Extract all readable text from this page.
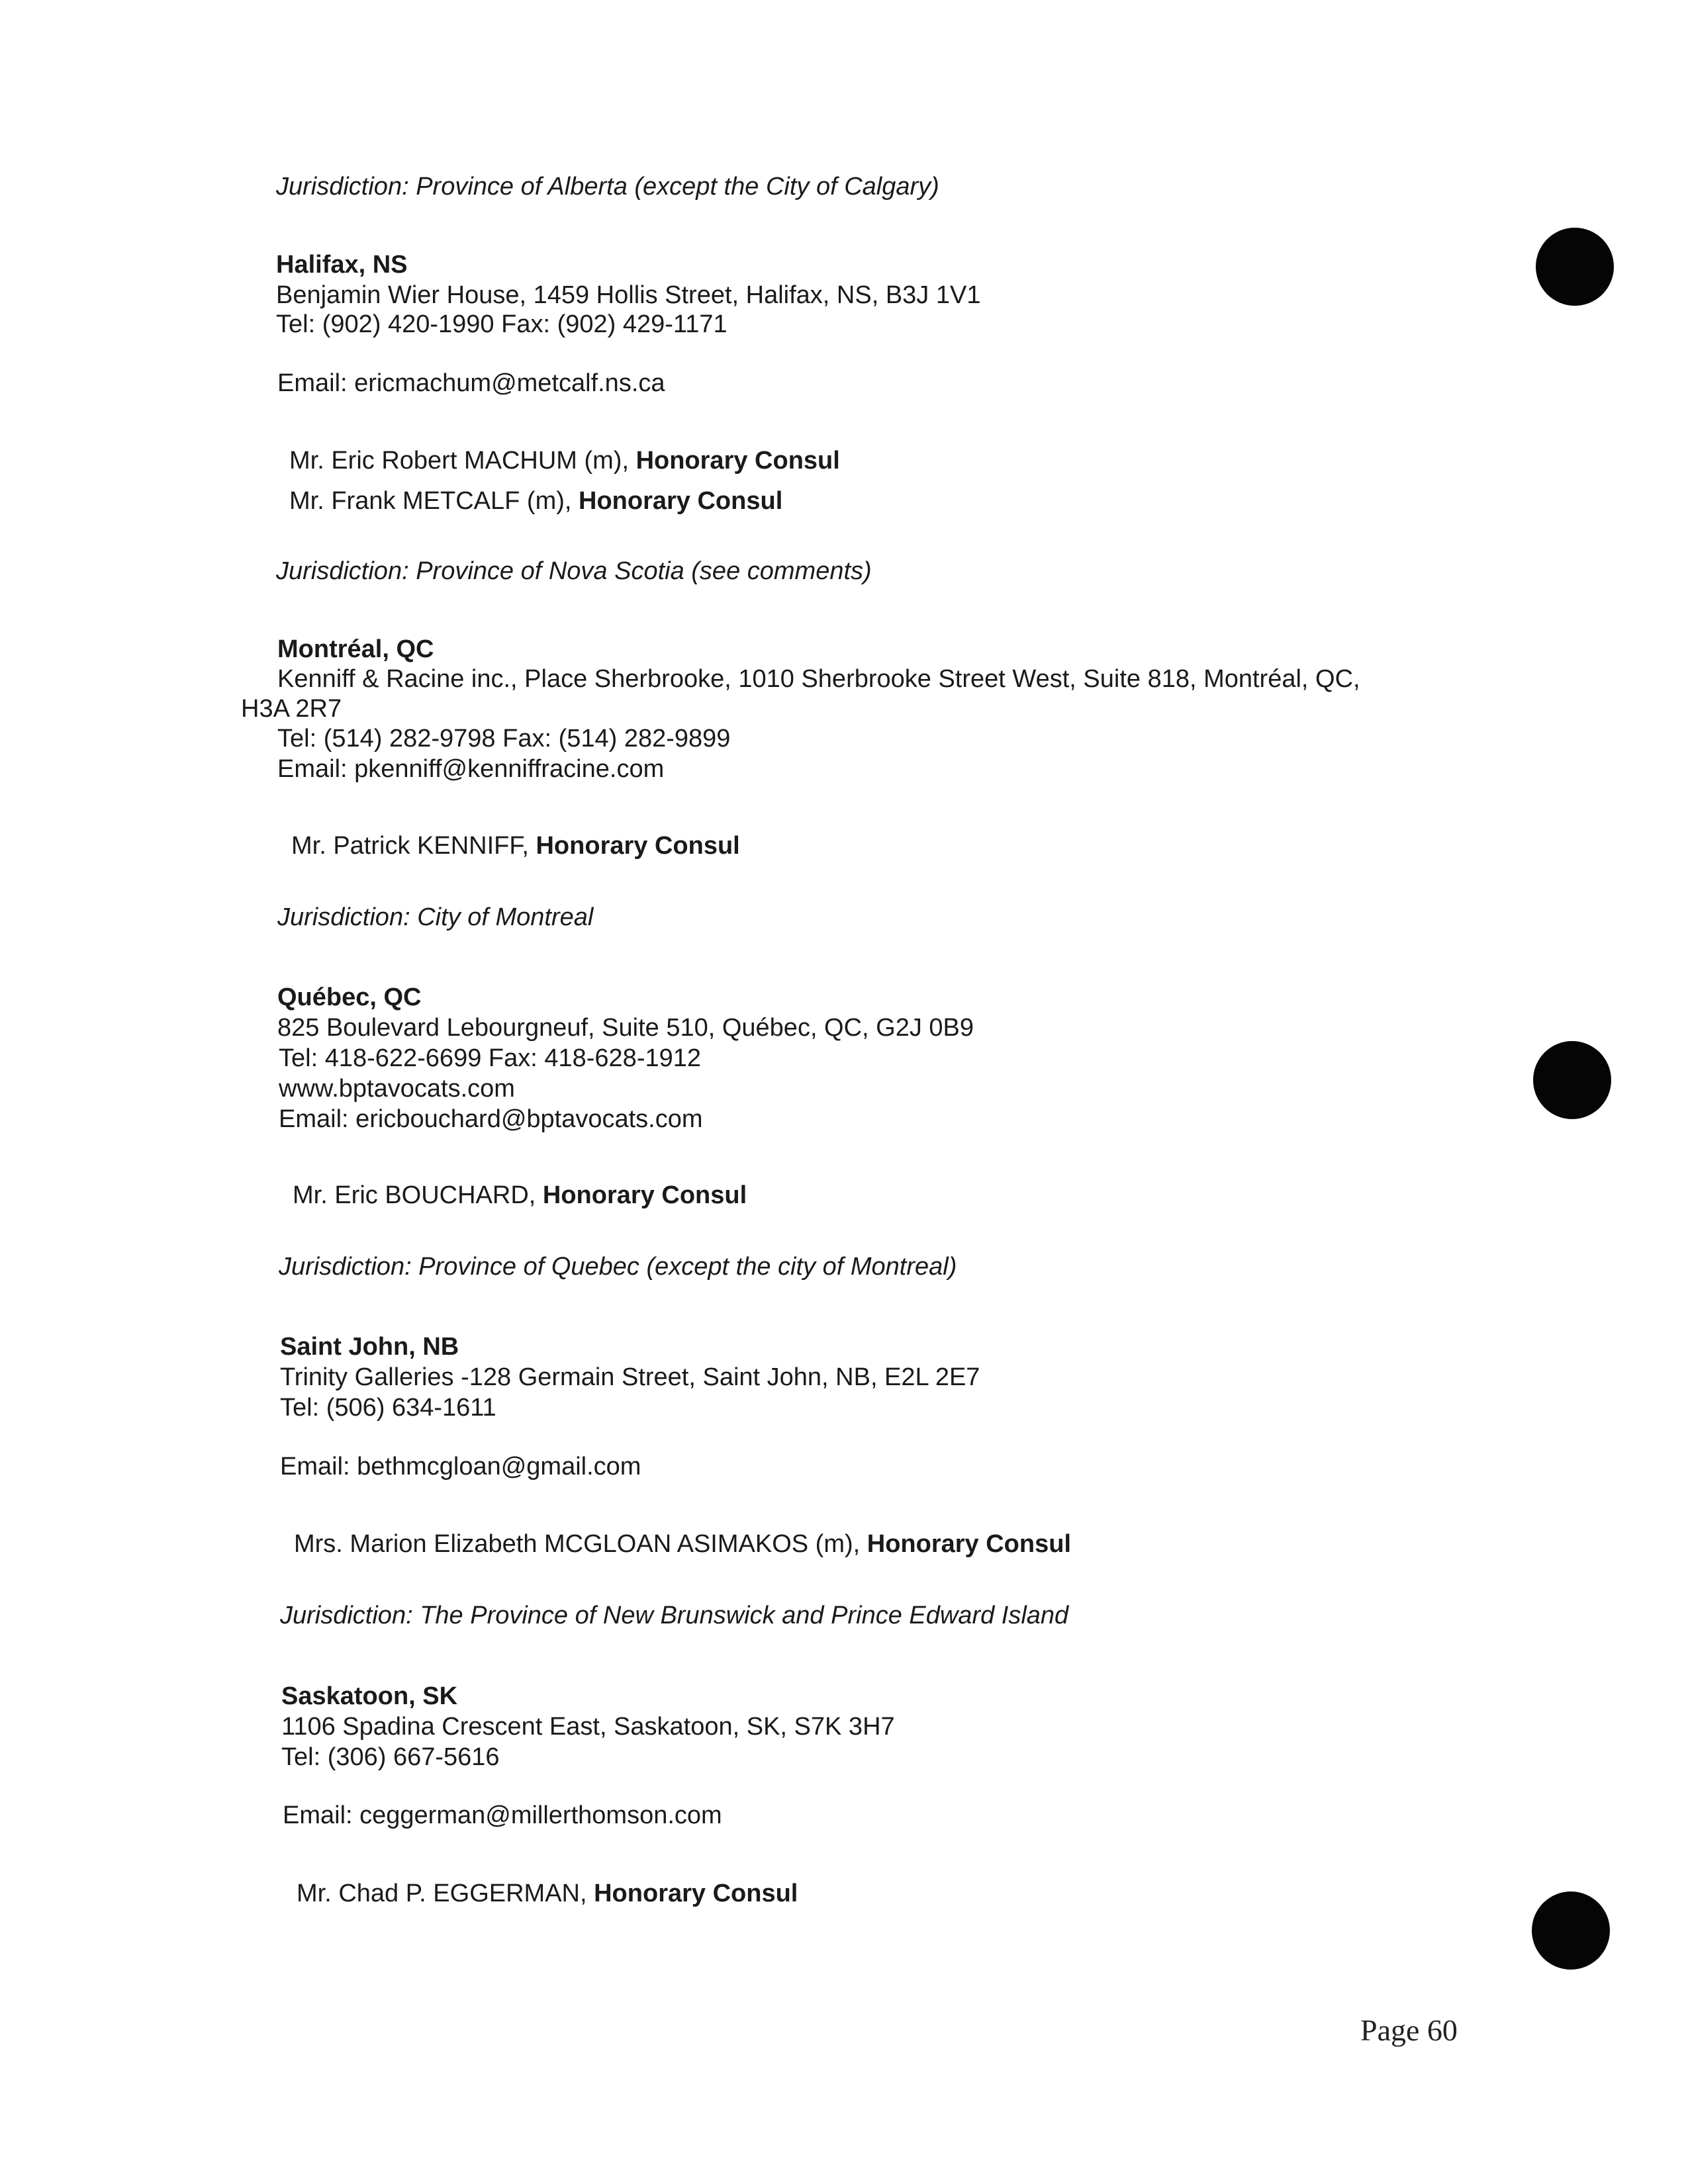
Jurisdiction: Province of Alberta (except the City of Calgary)
Halifax, NS
Benjamin Wier House, 1459 Hollis Street, Halifax, NS, B3J 1V1
Tel: (902) 420-1990 Fax: (902) 429-1171
Email: ericmachum@metcalf.ns.ca
Mr. Eric Robert MACHUM (m), Honorary Consul
Mr. Frank METCALF (m), Honorary Consul
Jurisdiction: Province of Nova Scotia (see comments)
Montréal, QC
Kenniff & Racine inc., Place Sherbrooke, 1010 Sherbrooke Street West, Suite 818, Montréal, QC,
H3A 2R7
Tel: (514) 282-9798 Fax: (514) 282-9899
Email: pkenniff@kenniffracine.com
Mr. Patrick KENNIFF, Honorary Consul
Jurisdiction: City of Montreal
Québec, QC
825 Boulevard Lebourgneuf, Suite 510, Québec, QC, G2J 0B9
Tel: 418-622-6699 Fax: 418-628-1912
www.bptavocats.com
Email: ericbouchard@bptavocats.com
Mr. Eric BOUCHARD, Honorary Consul
Jurisdiction: Province of Quebec (except the city of Montreal)
Saint John, NB
Trinity Galleries -128 Germain Street, Saint John, NB, E2L 2E7
Tel: (506) 634-1611
Email: bethmcgloan@gmail.com
Mrs. Marion Elizabeth MCGLOAN ASIMAKOS (m), Honorary Consul
Jurisdiction: The Province of New Brunswick and Prince Edward Island
Saskatoon, SK
1106 Spadina Crescent East, Saskatoon, SK, S7K 3H7
Tel: (306) 667-5616
Email: ceggerman@millerthomson.com
Mr. Chad P. EGGERMAN, Honorary Consul
Page 60
